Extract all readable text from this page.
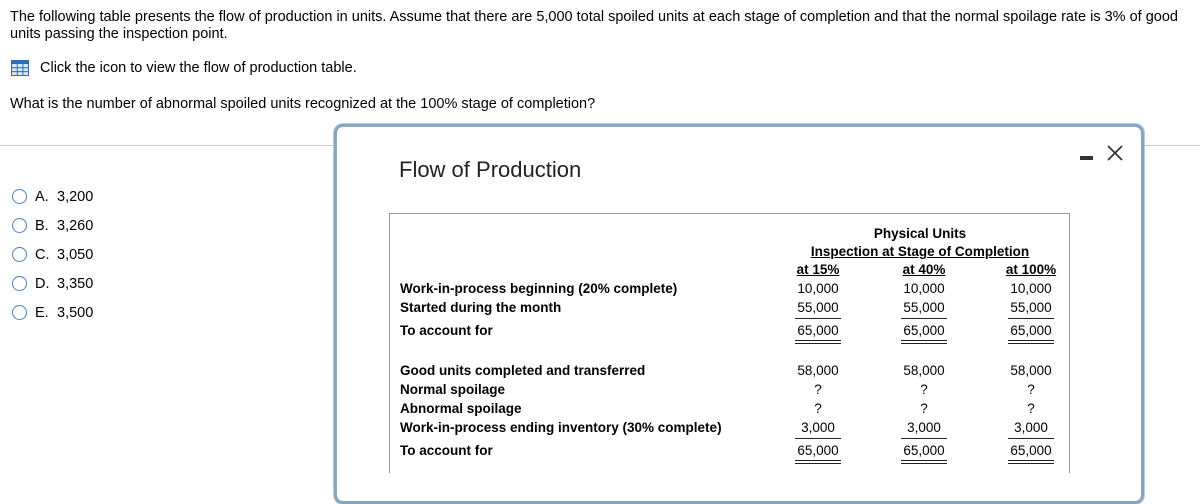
The following table presents the flow of production in units. Assume that there are 5,000 total spoiled units at each stage of completion and that the normal spoilage rate is 3% of good units passing the inspection point.
Click the icon to view the flow of production table.
What is the number of abnormal spoiled units recognized at the 100% stage of completion?
A. 3,200
B. 3,260
C. 3,050
D. 3,350
E. 3,500
Flow of Production
Physical Units
Inspection at Stage of Completion
at 15%	at 40%	at 100%
Work-in-process beginning (20% complete)	10,000	10,000	10,000
Started during the month	55,000	55,000	55,000
To account for	65,000	65,000	65,000
Good units completed and transferred	58,000	58,000	58,000
Normal spoilage	?	?	?
Abnormal spoilage	?	?	?
Work-in-process ending inventory (30% complete)	3,000	3,000	3,000
To account for	65,000	65,000	65,000
